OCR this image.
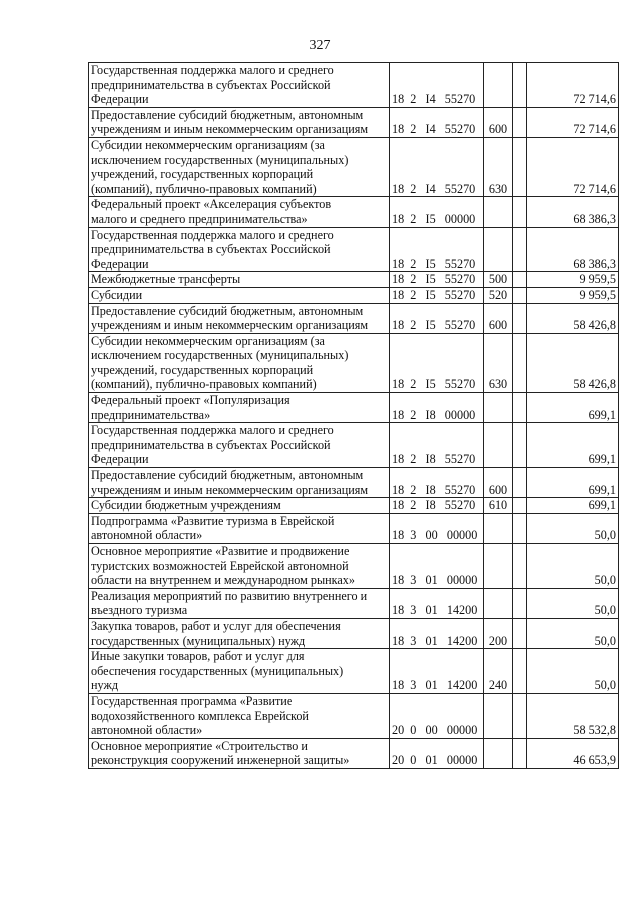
327
Государственная поддержка малого и среднего
предпринимательства в субъектах Российской
Федерации	18  2   I4   55270			72 714,6
Предоставление субсидий бюджетным, автономным
учреждениям и иным некоммерческим организациям	18  2   I4   55270	600		72 714,6
Субсидии некоммерческим организациям (за
исключением государственных (муниципальных)
учреждений, государственных корпораций
(компаний), публично-правовых компаний)	18  2   I4   55270	630		72 714,6
Федеральный проект «Акселерация субъектов
малого и среднего предпринимательства»	18  2   I5   00000			68 386,3
Государственная поддержка малого и среднего
предпринимательства в субъектах Российской
Федерации	18  2   I5   55270			68 386,3
Межбюджетные трансферты	18  2   I5   55270	500		9 959,5
Субсидии	18  2   I5   55270	520		9 959,5
Предоставление субсидий бюджетным, автономным
учреждениям и иным некоммерческим организациям	18  2   I5   55270	600		58 426,8
Субсидии некоммерческим организациям (за
исключением государственных (муниципальных)
учреждений, государственных корпораций
(компаний), публично-правовых компаний)	18  2   I5   55270	630		58 426,8
Федеральный проект «Популяризация
предпринимательства»	18  2   I8   00000			699,1
Государственная поддержка малого и среднего
предпринимательства в субъектах Российской
Федерации	18  2   I8   55270			699,1
Предоставление субсидий бюджетным, автономным
учреждениям и иным некоммерческим организациям	18  2   I8   55270	600		699,1
Субсидии бюджетным учреждениям	18  2   I8   55270	610		699,1
Подпрограмма «Развитие туризма в Еврейской
автономной области»	18  3   00   00000			50,0
Основное мероприятие «Развитие и продвижение
туристских возможностей Еврейской автономной
области на внутреннем и международном рынках»	18  3   01   00000			50,0
Реализация мероприятий по развитию внутреннего и
въездного туризма	18  3   01   14200			50,0
Закупка товаров, работ и услуг для обеспечения
государственных (муниципальных) нужд	18  3   01   14200	200		50,0
Иные закупки товаров, работ и услуг для
обеспечения государственных (муниципальных)
нужд	18  3   01   14200	240		50,0
Государственная программа «Развитие
водохозяйственного комплекса Еврейской
автономной области»	20  0   00   00000			58 532,8
Основное мероприятие «Строительство и
реконструкция сооружений инженерной защиты»	20  0   01   00000			46 653,9
